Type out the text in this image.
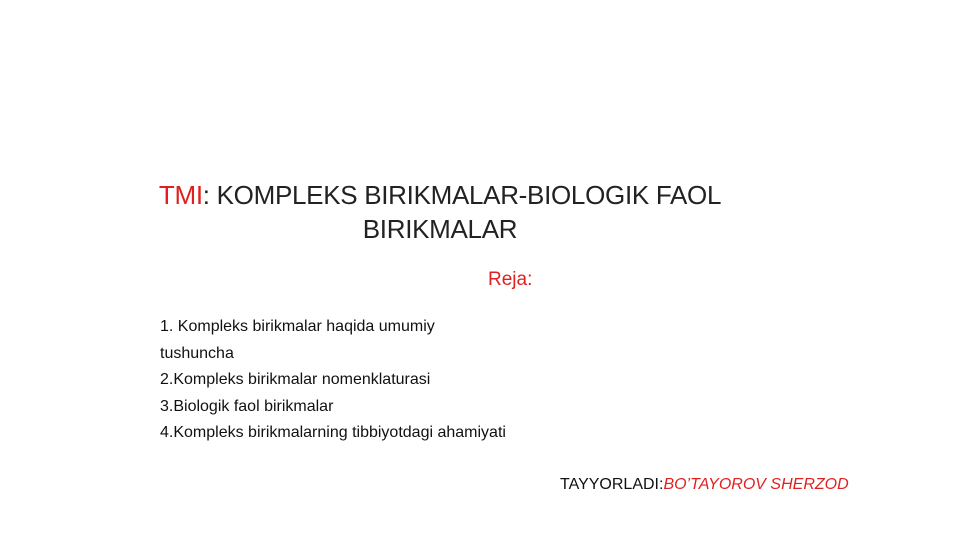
TMI: KOMPLEKS BIRIKMALAR-BIOLOGIK FAOL BIRIKMALAR
Reja:
1. Kompleks birikmalar haqida umumiy tushuncha
2.Kompleks birikmalar nomenklaturasi
3.Biologik faol birikmalar
4.Kompleks birikmalarning tibbiyotdagi ahamiyati
TAYYORLADI:BO’TAYOROV SHERZOD
